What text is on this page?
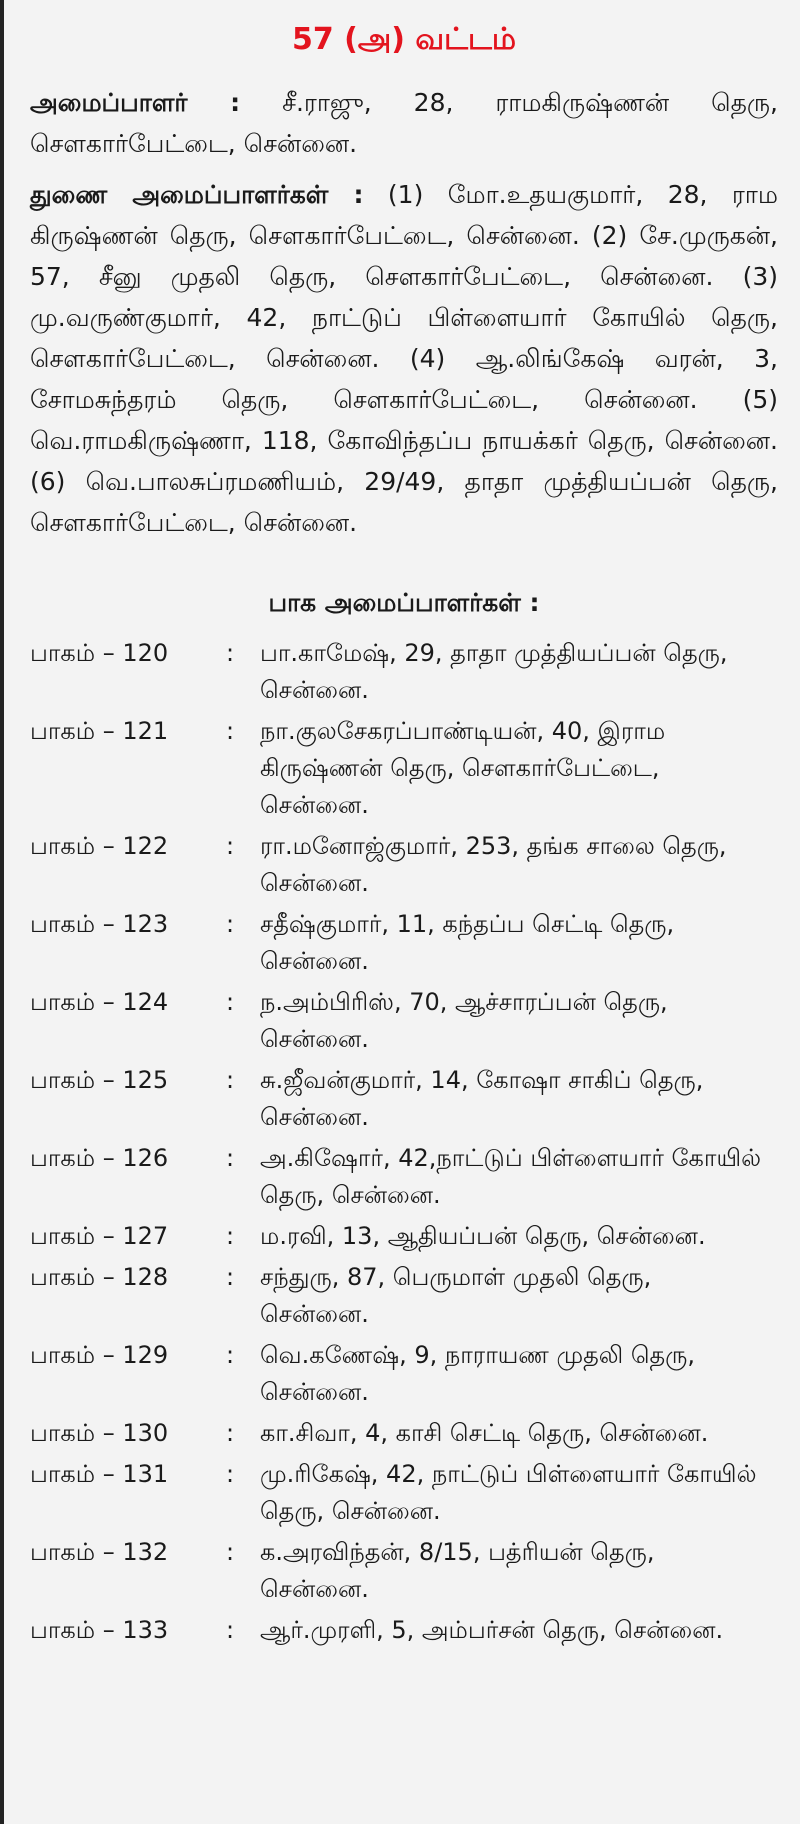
57 (அ) வட்டம்

அமைப்பாளர் : சீ.ராஜு, 28, ராமகிருஷ்ணன் தெரு, சௌகார்பேட்டை, சென்னை.

துணை அமைப்பாளர்கள் : (1) மோ.உதயகுமார், 28, ராம கிருஷ்ணன் தெரு, சௌகார்பேட்டை, சென்னை. (2) சே.முருகன், 57, சீனு முதலி தெரு, சௌகார்பேட்டை, சென்னை. (3) மு.வருண்குமார், 42, நாட்டுப் பிள்ளையார் கோயில் தெரு, சௌகார்பேட்டை, சென்னை. (4) ஆ.லிங்கேஷ் வரன், 3, சோமசுந்தரம் தெரு, சௌகார்பேட்டை, சென்னை. (5) வெ.ராமகிருஷ்ணா, 118, கோவிந்தப்ப நாயக்கர் தெரு, சென்னை. (6) வெ.பாலசுப்ரமணியம், 29/49, தாதா முத்தியப்பன் தெரு, சௌகார்பேட்டை, சென்னை.

பாக அமைப்பாளர்கள் :
பாகம் – 120	:	பா.காமேஷ், 29, தாதா முத்தியப்பன் தெரு,
சென்னை.
பாகம் – 121	:	நா.குலசேகரப்பாண்டியன், 40, இராம
கிருஷ்ணன் தெரு, சௌகார்பேட்டை,
சென்னை.
பாகம் – 122	:	ரா.மனோஜ்குமார், 253, தங்க சாலை தெரு,
சென்னை.
பாகம் – 123	:	சதீஷ்குமார், 11, கந்தப்ப செட்டி தெரு,
சென்னை.
பாகம் – 124	:	ந.அம்பிரிஸ், 70, ஆச்சாரப்பன் தெரு,
சென்னை.
பாகம் – 125	:	சு.ஜீவன்குமார், 14, கோஷா சாகிப் தெரு,
சென்னை.
பாகம் – 126	:	அ.கிஷோர், 42,நாட்டுப் பிள்ளையார் கோயில்
தெரு, சென்னை.
பாகம் – 127	:	ம.ரவி, 13, ஆதியப்பன் தெரு, சென்னை.
பாகம் – 128	:	சந்துரு, 87, பெருமாள் முதலி தெரு,
சென்னை.
பாகம் – 129	:	வெ.கணேஷ், 9, நாராயண முதலி தெரு,
சென்னை.
பாகம் – 130	:	கா.சிவா, 4, காசி செட்டி தெரு, சென்னை.
பாகம் – 131	:	மு.ரிகேஷ், 42, நாட்டுப் பிள்ளையார் கோயில்
தெரு, சென்னை.
பாகம் – 132	:	க.அரவிந்தன், 8/15, பத்ரியன் தெரு,
சென்னை.
பாகம் – 133	:	ஆர்.முரளி, 5, அம்பர்சன் தெரு, சென்னை.
